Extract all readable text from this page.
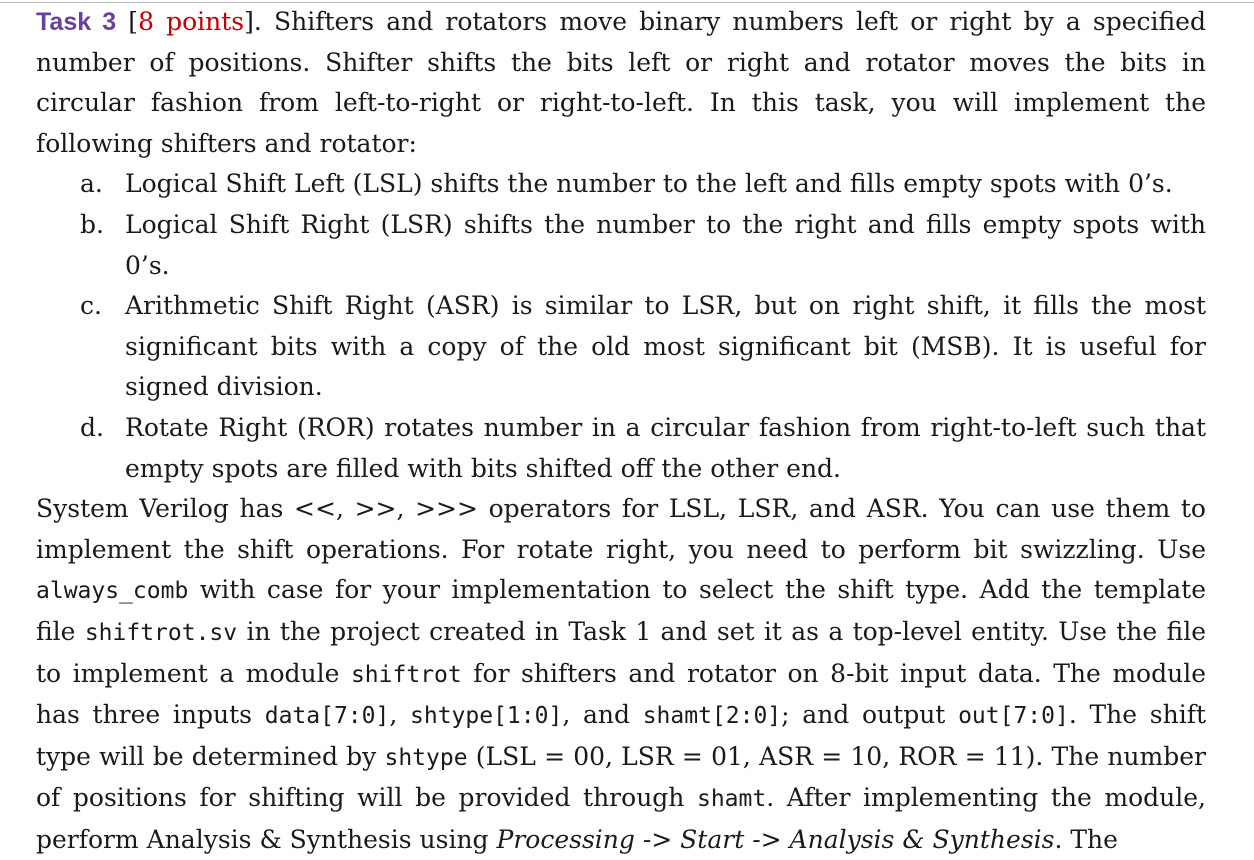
Task 3 [8 points]. Shifters and rotators move binary numbers left or right by a specified number of positions. Shifter shifts the bits left or right and rotator moves the bits in circular fashion from left-to-right or right-to-left. In this task, you will implement the following shifters and rotator:

a. Logical Shift Left (LSL) shifts the number to the left and fills empty spots with 0’s.
b. Logical Shift Right (LSR) shifts the number to the right and fills empty spots with 0’s.
c. Arithmetic Shift Right (ASR) is similar to LSR, but on right shift, it fills the most significant bits with a copy of the old most significant bit (MSB). It is useful for signed division.
d. Rotate Right (ROR) rotates number in a circular fashion from right-to-left such that empty spots are filled with bits shifted off the other end.

System Verilog has <<, >>, >>> operators for LSL, LSR, and ASR. You can use them to implement the shift operations. For rotate right, you need to perform bit swizzling. Use always_comb with case for your implementation to select the shift type. Add the template file shiftrot.sv in the project created in Task 1 and set it as a top-level entity. Use the file to implement a module shiftrot for shifters and rotator on 8-bit input data. The module has three inputs data[7:0], shtype[1:0], and shamt[2:0]; and output out[7:0]. The shift type will be determined by shtype (LSL = 00, LSR = 01, ASR = 10, ROR = 11). The number of positions for shifting will be provided through shamt. After implementing the module, perform Analysis & Synthesis using Processing -> Start -> Analysis & Synthesis. The
